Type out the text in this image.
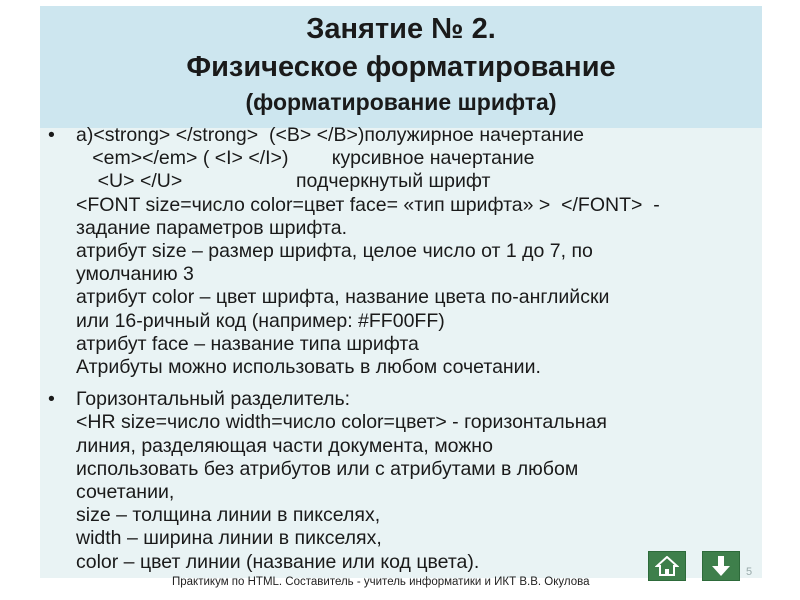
Занятие № 2.
Физическое форматирование
(форматирование шрифта)
•	а)<strong> </strong>  (<B> </B>)полужирное начертание
<em></em> ( <I> </I>)        курсивное начертание
<U> </U>                     подчеркнутый шрифт
<FONT size=число color=цвет face= «тип шрифта» >  </FONT>  -
задание параметров шрифта.
атрибут size – размер шрифта, целое число от 1 до 7, по
умолчанию 3
атрибут color – цвет шрифта, название цвета по-английски
или 16-ричный код (например: #FF00FF)
атрибут face – название типа шрифта
Атрибуты можно использовать в любом сочетании.
•	Горизонтальный разделитель:
<HR size=число width=число color=цвет> - горизонтальная
линия, разделяющая части документа, можно
использовать без атрибутов или с атрибутами в любом
сочетании,
size – толщина линии в пикселях,
width – ширина линии в пикселях,
color – цвет линии (название или код цвета).	5
Практикум по HTML. Составитель - учитель информатики и ИКТ В.В. Окулова
